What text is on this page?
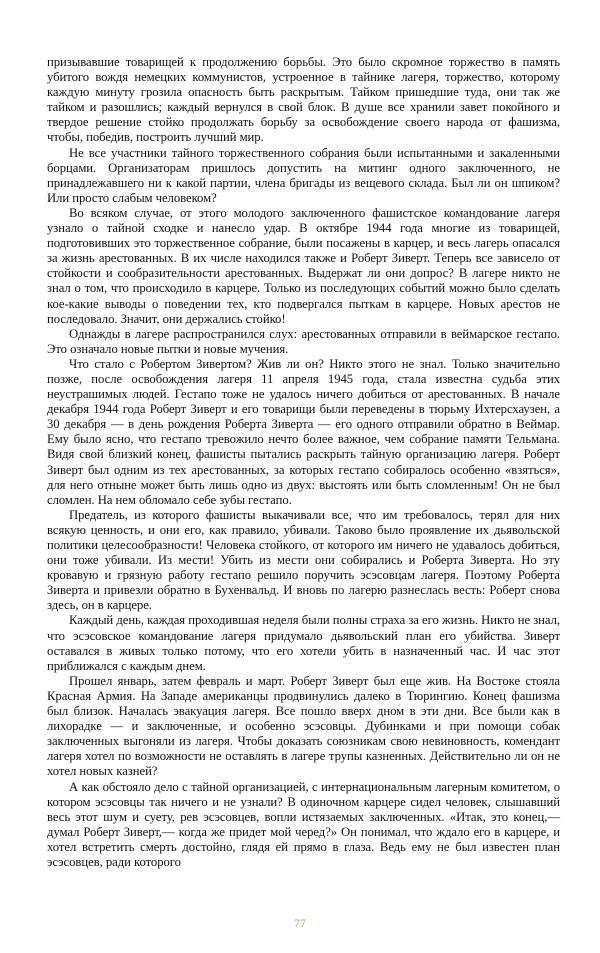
призывавшие товарищей к продолжению борьбы. Это было скромное торжество в память убитого вождя немецких коммунистов, устроенное в тайнике лагеря, торжество, которому каждую минуту грозила опасность быть раскрытым. Тайком пришедшие туда, они так же тайком и разошлись; каждый вернулся в свой блок. В душе все хранили завет покойного и твердое решение стойко продолжать борьбу за освобождение своего народа от фашизма, чтобы, победив, построить лучший мир.

Не все участники тайного торжественного собрания были испытанными и закаленными борцами. Организаторам пришлось допустить на митинг одного заключенного, не принадлежавшего ни к какой партии, члена бригады из вещевого склада. Был ли он шпиком? Или просто слабым человеком?

Во всяком случае, от этого молодого заключенного фашистское командование лагеря узнало о тайной сходке и нанесло удар. В октябре 1944 года многие из товарищей, подготовивших это торжественное собрание, были посажены в карцер, и весь лагерь опасался за жизнь арестованных. В их числе находился также и Роберт Зиверт. Теперь все зависело от стойкости и сообразительности арестованных. Выдержат ли они допрос? В лагере никто не знал о том, что происходило в карцере. Только из последующих событий можно было сделать кое-какие выводы о поведении тех, кто подвергался пыткам в карцере. Новых арестов не последовало. Значит, они держались стойко!

Однажды в лагере распространился слух: арестованных отправили в веймарское гестапо. Это означало новые пытки и новые мучения.

Что стало с Робертом Зивертом? Жив ли он? Никто этого не знал. Только значительно позже, после освобождения лагеря 11 апреля 1945 года, стала известна судьба этих неустрашимых людей. Гестапо тоже не удалось ничего добиться от арестованных. В начале декабря 1944 года Роберт Зиверт и его товарищи были переведены в тюрьму Ихтерсхаузен, а 30 декабря — в день рождения Роберта Зиверта — его одного отправили обратно в Веймар. Ему было ясно, что гестапо тревожило нечто более важное, чем собрание памяти Тельмана. Видя свой близкий конец, фашисты пытались раскрыть тайную организацию лагеря. Роберт Зиверт был одним из тех арестованных, за которых гестапо собиралось особенно «взяться», для него отныне может быть лишь одно из двух: выстоять или быть сломленным! Он не был сломлен. На нем обломало себе зубы гестапо.

Предатель, из которого фашисты выкачивали все, что им требовалось, терял для них всякую ценность, и они его, как правило, убивали. Таково было проявление их дьявольской политики целесообразности! Человека стойкого, от которого им ничего не удавалось добиться, они тоже убивали. Из мести! Убить из мести они собирались и Роберта Зиверта. Но эту кровавую и грязную работу гестапо решило поручить эсэсовцам лагеря. Поэтому Роберта Зиверта и привезли обратно в Бухенвальд. И вновь по лагерю разнеслась весть: Роберт снова здесь, он в карцере.

Каждый день, каждая проходившая неделя были полны страха за его жизнь. Никто не знал, что эсэсовское командование лагеря придумало дьявольский план его убийства. Зиверт оставался в живых только потому, что его хотели убить в назначенный час. И час этот приближался с каждым днем.

Прошел январь, затем февраль и март. Роберт Зиверт был еще жив. На Востоке стояла Красная Армия. На Западе американцы продвинулись далеко в Тюрингию. Конец фашизма был близок. Началась эвакуация лагеря. Все пошло вверх дном в эти дни. Все были как в лихорадке — и заключенные, и особенно эсэсовцы. Дубинками и при помощи собак заключенных выгоняли из лагеря. Чтобы доказать союзникам свою невиновность, комендант лагеря хотел по возможности не оставлять в лагере трупы казненных. Действительно ли он не хотел новых казней?

А как обстояло дело с тайной организацией, с интернациональным лагерным комитетом, о котором эсэсовцы так ничего и не узнали? В одиночном карцере сидел человек, слышавший весь этот шум и суету, рев эсэсовцев, вопли истязаемых заключенных. «Итак, это конец,— думал Роберт Зиверт,— когда же придет мой черед?» Он понимал, что ждало его в карцере, и хотел встретить смерть достойно, глядя ей прямо в глаза. Ведь ему не был известен план эсэсовцев, ради которого

77
